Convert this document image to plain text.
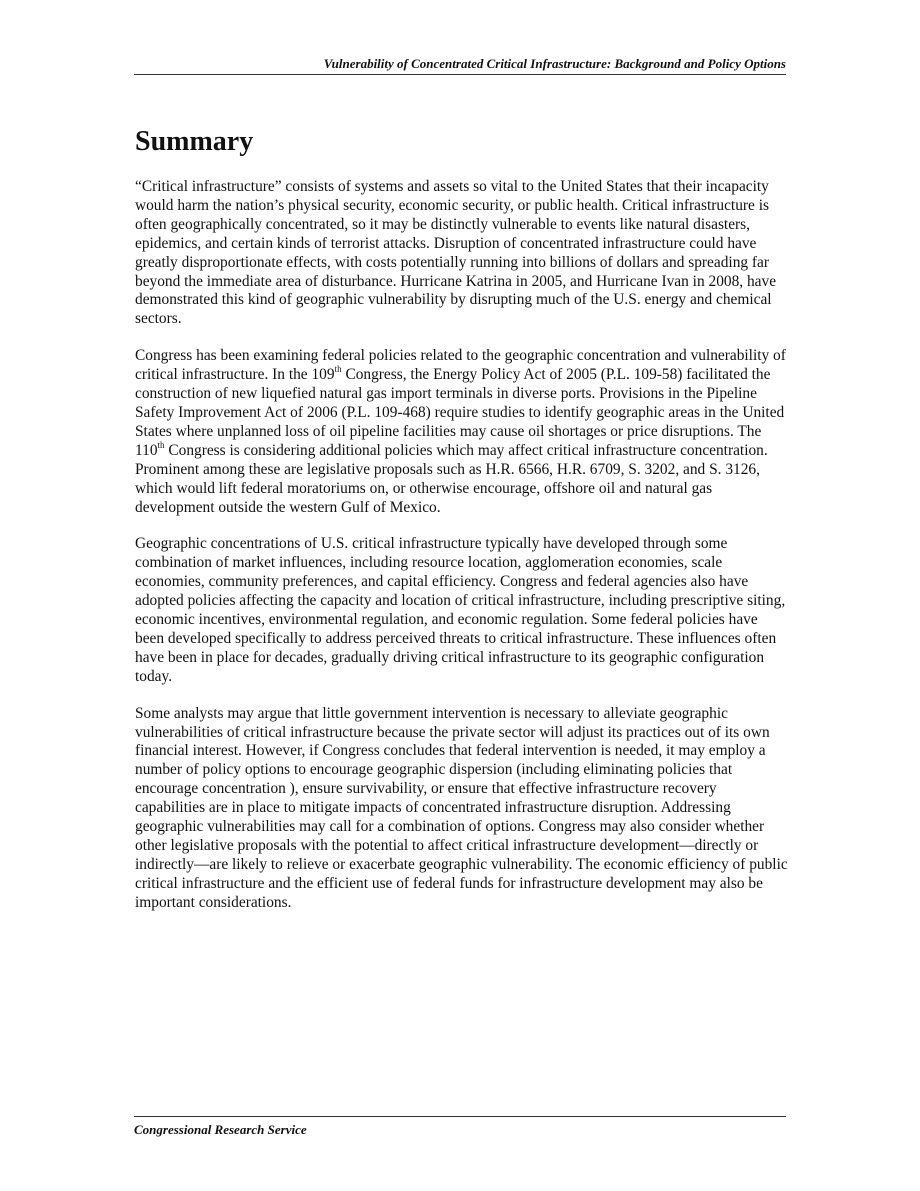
Vulnerability of Concentrated Critical Infrastructure: Background and Policy Options
Summary

“Critical infrastructure” consists of systems and assets so vital to the United States that their incapacity would harm the nation’s physical security, economic security, or public health. Critical infrastructure is often geographically concentrated, so it may be distinctly vulnerable to events like natural disasters, epidemics, and certain kinds of terrorist attacks. Disruption of concentrated infrastructure could have greatly disproportionate effects, with costs potentially running into billions of dollars and spreading far beyond the immediate area of disturbance. Hurricane Katrina in 2005, and Hurricane Ivan in 2008, have demonstrated this kind of geographic vulnerability by disrupting much of the U.S. energy and chemical sectors.

Congress has been examining federal policies related to the geographic concentration and vulnerability of critical infrastructure. In the 109th Congress, the Energy Policy Act of 2005 (P.L. 109-58) facilitated the construction of new liquefied natural gas import terminals in diverse ports. Provisions in the Pipeline Safety Improvement Act of 2006 (P.L. 109-468) require studies to identify geographic areas in the United States where unplanned loss of oil pipeline facilities may cause oil shortages or price disruptions. The 110th Congress is considering additional policies which may affect critical infrastructure concentration. Prominent among these are legislative proposals such as H.R. 6566, H.R. 6709, S. 3202, and S. 3126, which would lift federal moratoriums on, or otherwise encourage, offshore oil and natural gas development outside the western Gulf of Mexico.

Geographic concentrations of U.S. critical infrastructure typically have developed through some combination of market influences, including resource location, agglomeration economies, scale economies, community preferences, and capital efficiency. Congress and federal agencies also have adopted policies affecting the capacity and location of critical infrastructure, including prescriptive siting, economic incentives, environmental regulation, and economic regulation. Some federal policies have been developed specifically to address perceived threats to critical infrastructure. These influences often have been in place for decades, gradually driving critical infrastructure to its geographic configuration today.

Some analysts may argue that little government intervention is necessary to alleviate geographic vulnerabilities of critical infrastructure because the private sector will adjust its practices out of its own financial interest. However, if Congress concludes that federal intervention is needed, it may employ a number of policy options to encourage geographic dispersion (including eliminating policies that encourage concentration ), ensure survivability, or ensure that effective infrastructure recovery capabilities are in place to mitigate impacts of concentrated infrastructure disruption. Addressing geographic vulnerabilities may call for a combination of options. Congress may also consider whether other legislative proposals with the potential to affect critical infrastructure development—directly or indirectly—are likely to relieve or exacerbate geographic vulnerability. The economic efficiency of public critical infrastructure and the efficient use of federal funds for infrastructure development may also be important considerations.

Congressional Research Service
